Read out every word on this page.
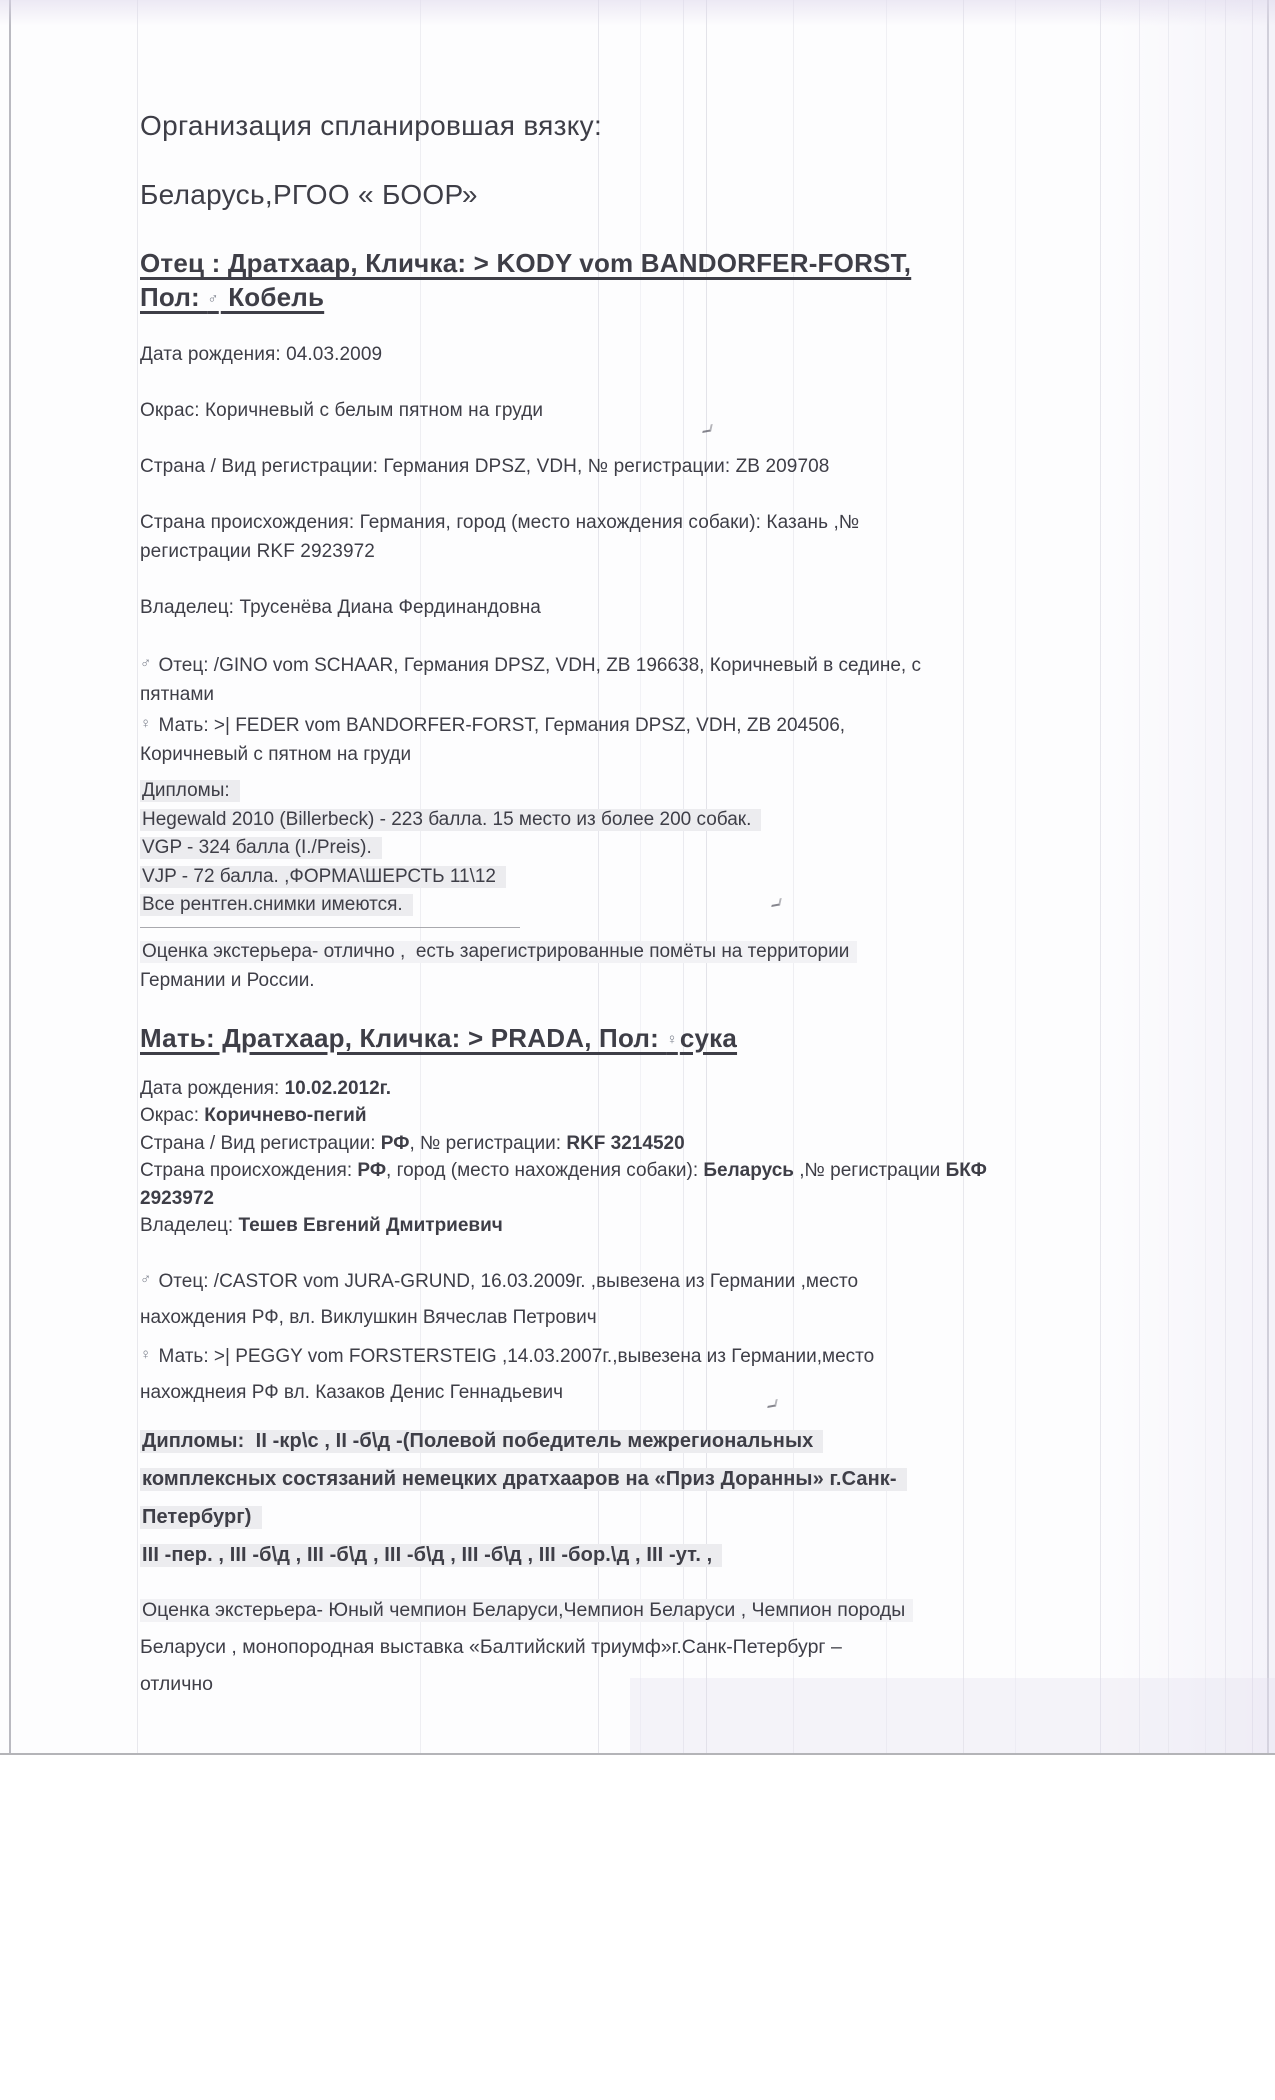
Организация спланировшая вязку:

Беларусь,РГОО « БООР»

Отец : Дратхаар, Кличка: > KODY vom BANDORFER-FORST,
Пол: ♂ Кобель

Дата рождения: 04.03.2009

Окрас: Коричневый с белым пятном на груди

Страна / Вид регистрации: Германия DPSZ, VDH, № регистрации: ZB 209708

Страна происхождения: Германия, город (место нахождения собаки): Казань ,№
регистрации RKF 2923972

Владелец: Трусенёва Диана Фердинандовна

♂ Отец: /GINO vom SCHAAR, Германия DPSZ, VDH, ZB 196638, Коричневый в седине, с
пятнами
♀ Мать: >| FEDER vom BANDORFER-FORST, Германия DPSZ, VDH, ZB 204506,
Коричневый с пятном на груди
Дипломы:
Hegewald 2010 (Billerbeck) - 223 балла. 15 место из более 200 собак.
VGP - 324 балла (I./Preis).
VJP - 72 балла. ,ФОРМА\ШЕРСТЬ 11\12
Все рентген.снимки имеются.

Оценка экстерьера- отлично ,  есть зарегистрированные помёты на территории
Германии и России.

Мать: Дратхаар, Кличка: > PRADA, Пол: ♀сука
Дата рождения: 10.02.2012г.
Окрас: Коричнево-пегий
Страна / Вид регистрации: РФ, № регистрации: RKF 3214520
Страна происхождения: РФ, город (место нахождения собаки): Беларусь ,№ регистрации БКФ
2923972
Владелец: Тешев Евгений Дмитриевич
♂ Отец: /CASTOR vom JURA-GRUND, 16.03.2009г. ,вывезена из Германии ,место
нахождения РФ, вл. Виклушкин Вячеслав Петрович
♀ Мать: >| PEGGY vom FORSTERSTEIG ,14.03.2007г.,вывезена из Германии,место
нахожднеия РФ вл. Казаков Денис Геннадьевич
Дипломы:  II -кр\с , II -б\д -(Полевой победитель межрегиональных
комплексных состязаний немецких дратхааров на «Приз Доранны» г.Санк-
Петербург)
III -пер. , III -б\д , III -б\д , III -б\д , III -б\д , III -бор.\д , III -ут. ,
Оценка экстерьера- Юный чемпион Беларуси,Чемпион Беларуси , Чемпион породы
Беларуси , монопородная выставка «Балтийский триумф»г.Санк-Петербург –
отлично
